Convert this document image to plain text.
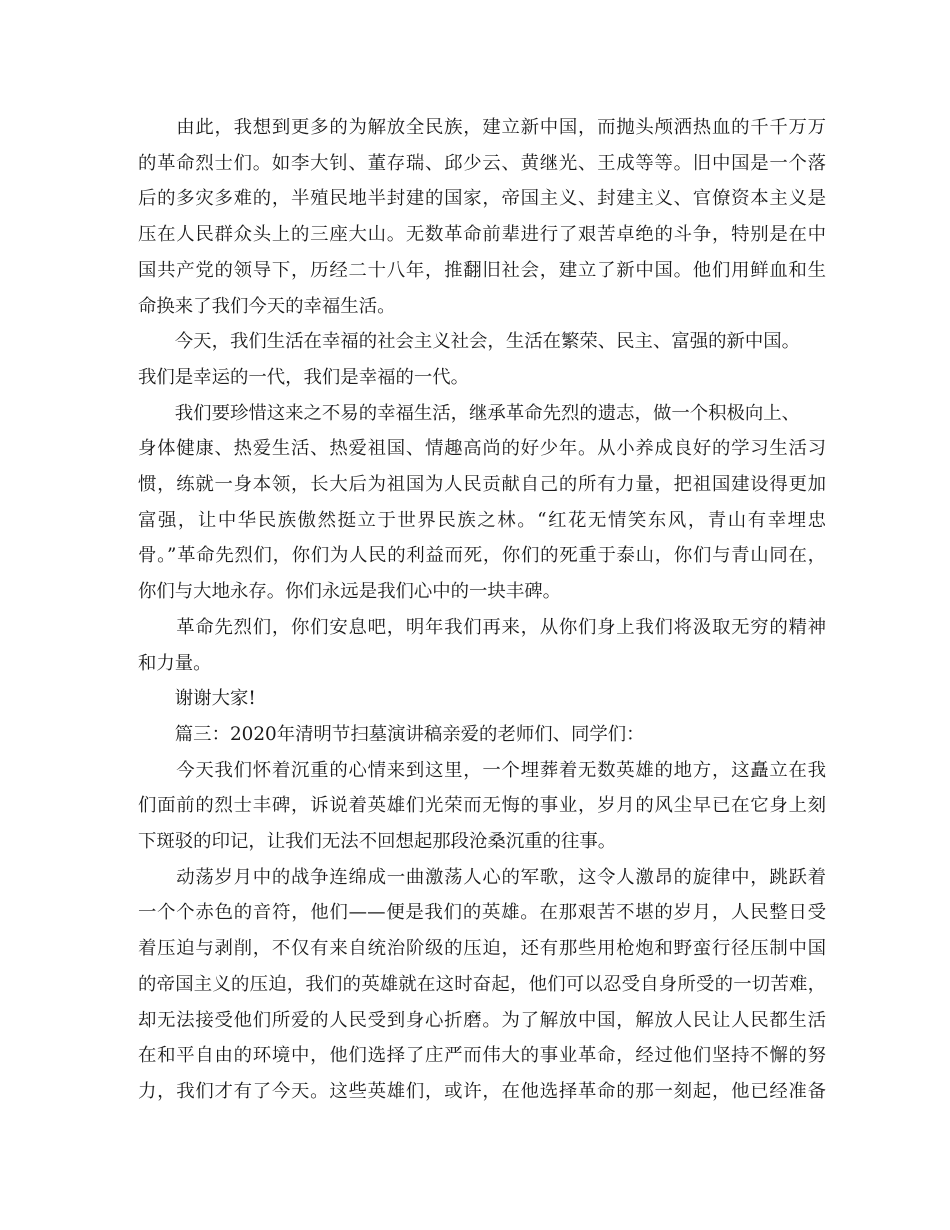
　　由此，我想到更多的为解放全民族，建立新中国，而抛头颅洒热血的千千万万
的革命烈士们。如李大钊、董存瑞、邱少云、黄继光、王成等等。旧中国是一个落
后的多灾多难的，半殖民地半封建的国家，帝国主义、封建主义、官僚资本主义是
压在人民群众头上的三座大山。无数革命前辈进行了艰苦卓绝的斗争，特别是在中
国共产党的领导下，历经二十八年，推翻旧社会，建立了新中国。他们用鲜血和生
命换来了我们今天的幸福生活。
　　今天，我们生活在幸福的社会主义社会，生活在繁荣、民主、富强的新中国。
我们是幸运的一代，我们是幸福的一代。
　　我们要珍惜这来之不易的幸福生活，继承革命先烈的遗志，做一个积极向上、
身体健康、热爱生活、热爱祖国、情趣高尚的好少年。从小养成良好的学习生活习
惯，练就一身本领，长大后为祖国为人民贡献自己的所有力量，把祖国建设得更加
富强，让中华民族傲然挺立于世界民族之林。“红花无情笑东风，青山有幸埋忠
骨。”革命先烈们，你们为人民的利益而死，你们的死重于泰山，你们与青山同在，
你们与大地永存。你们永远是我们心中的一块丰碑。
　　革命先烈们，你们安息吧，明年我们再来，从你们身上我们将汲取无穷的精神
和力量。
　　谢谢大家!
　　篇三：2020年清明节扫墓演讲稿亲爱的老师们、同学们：
　　今天我们怀着沉重的心情来到这里，一个埋葬着无数英雄的地方，这矗立在我
们面前的烈士丰碑，诉说着英雄们光荣而无悔的事业，岁月的风尘早已在它身上刻
下斑驳的印记，让我们无法不回想起那段沧桑沉重的往事。
　　动荡岁月中的战争连绵成一曲激荡人心的军歌，这令人激昂的旋律中，跳跃着
一个个赤色的音符，他们——便是我们的英雄。在那艰苦不堪的岁月，人民整日受
着压迫与剥削，不仅有来自统治阶级的压迫，还有那些用枪炮和野蛮行径压制中国
的帝国主义的压迫，我们的英雄就在这时奋起，他们可以忍受自身所受的一切苦难，
却无法接受他们所爱的人民受到身心折磨。为了解放中国，解放人民让人民都生活
在和平自由的环境中，他们选择了庄严而伟大的事业革命，经过他们坚持不懈的努
力，我们才有了今天。这些英雄们，或许，在他选择革命的那一刻起，他已经准备
